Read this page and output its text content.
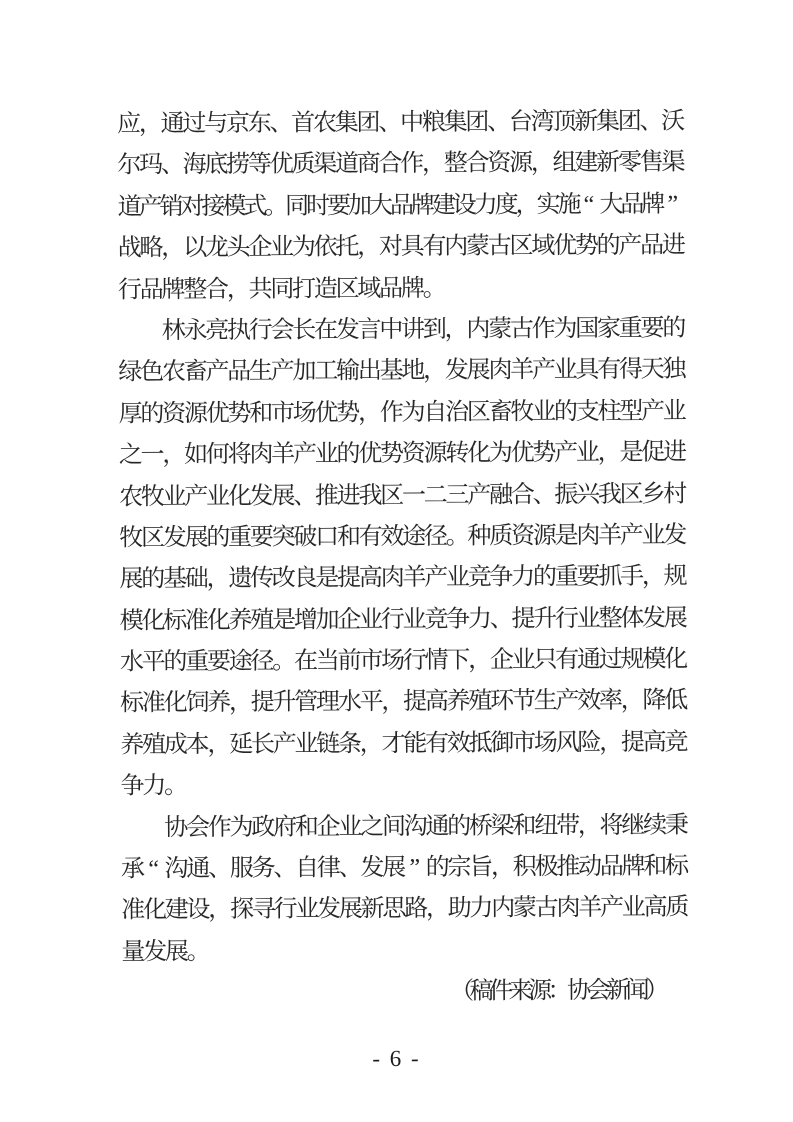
应
，
通
过
与
京
东
、
首
农
集
团
、
中
粮
集
团
、
台
湾
顶
新
集
团
、
沃
尔
玛
、
海
底
捞
等
优
质
渠
道
商
合
作
，
整
合
资
源
，
组
建
新
零
售
渠
道
产
销
对
接
模
式
。
同
时
要
加
大
品
牌
建
设
力
度
，
实
施 “ 大
品
牌 ”
战
略
，
以
龙
头
企
业
为
依
托
，
对
具
有
内
蒙
古
区
域
优
势
的
产
品
进
行
品
牌
整
合
，
共
同
打
造
区
域
品
牌
。
林
永
亮
执
行
会
长
在
发
言
中
讲
到
，
内
蒙
古
作
为
国
家
重
要
的
绿
色
农
畜
产
品
生
产
加
工
输
出
基
地
，
发
展
肉
羊
产
业
具
有
得
天
独
厚
的
资
源
优
势
和
市
场
优
势
，
作
为
自
治
区
畜
牧
业
的
支
柱
型
产
业
之
一
，
如
何
将
肉
羊
产
业
的
优
势
资
源
转
化
为
优
势
产
业
，
是
促
进
农
牧
业
产
业
化
发
展
、
推
进
我
区
一
二
三
产
融
合
、
振
兴
我
区
乡
村
牧
区
发
展
的
重
要
突
破
口
和
有
效
途
径
。
种
质
资
源
是
肉
羊
产
业
发
展
的
基
础
，
遗
传
改
良
是
提
高
肉
羊
产
业
竞
争
力
的
重
要
抓
手
，
规
模
化
标
准
化
养
殖
是
增
加
企
业
行
业
竞
争
力
、
提
升
行
业
整
体
发
展
水
平
的
重
要
途
径
。
在
当
前
市
场
行
情
下
，
企
业
只
有
通
过
规
模
化
标
准
化
饲
养
，
提
升
管
理
水
平
，
提
高
养
殖
环
节
生
产
效
率
，
降
低
养
殖
成
本
，
延
长
产
业
链
条
，
才
能
有
效
抵
御
市
场
风
险
，
提
高
竞
争
力
。
协
会
作
为
政
府
和
企
业
之
间
沟
通
的
桥
梁
和
纽
带
，
将
继
续
秉
承 “ 沟
通
、
服
务
、
自
律
、
发
展 ” 的
宗
旨
，
积
极
推
动
品
牌
和
标
准
化
建
设
，
探
寻
行
业
发
展
新
思
路
，
助
力
内
蒙
古
肉
羊
产
业
高
质
量
发
展
。
（
稿
件
来
源
：
协
会
新
闻
）
- 6 -
